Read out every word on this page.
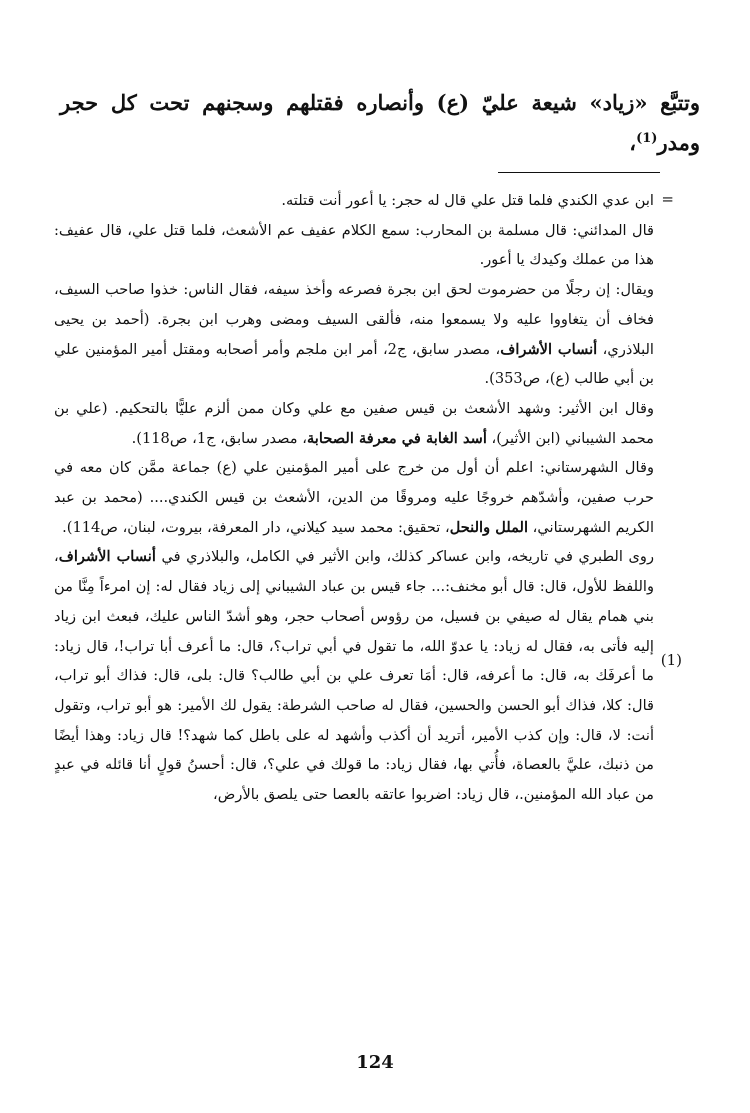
وتتبَّع «زياد» شيعة عليّ (ع) وأنصاره فقتلهم وسجنهم تحت كل حجر ومدر$^{(1)}$،

=
(1)

ابن عدي الكندي فلما قتل علي قال له حجر: يا أعور أنت قتلته.

قال المدائني: قال مسلمة بن المحارب: سمع الكلام عفيف عم الأشعث، فلما قتل علي، قال عفيف: هذا من عملك وكيدك يا أعور.

ويقال: إن رجلًا من حضرموت لحق ابن بجرة فصرعه وأخذ سيفه، فقال الناس: خذوا صاحب السيف، فخاف أن يتغاووا عليه ولا يسمعوا منه، فألقى السيف ومضى وهرب ابن بجرة. (أحمد بن يحيى البلاذري، أنساب الأشراف، مصدر سابق، ج2، أمر ابن ملجم وأمر أصحابه ومقتل أمير المؤمنين علي بن أبي طالب (ع)، ص353).

وقال ابن الأثير: وشهد الأشعث بن قيس صفين مع علي وكان ممن ألزم عليًّا بالتحكيم. (علي بن محمد الشيباني (ابن الأثير)، أسد الغابة في معرفة الصحابة، مصدر سابق، ج1، ص118).

وقال الشهرستاني: اعلم أن أول من خرج على أمير المؤمنين علي (ع) جماعة ممَّن كان معه في حرب صفين، وأشدّهم خروجًا عليه ومروقًا من الدين، الأشعث بن قيس الكندي.... (محمد بن عبد الكريم الشهرستاني، الملل والنحل، تحقيق: محمد سيد كيلاني، دار المعرفة، بيروت، لبنان، ص114).

روى الطبري في تاريخه، وابن عساكر كذلك، وابن الأثير في الكامل، والبلاذري في أنساب الأشراف، واللفظ للأول، قال: قال أبو مخنف:... جاء قيس بن عباد الشيباني إلى زياد فقال له: إن امرءاً مِنَّا من بني همام يقال له صيفي بن فسيل، من رؤوس أصحاب حجر، وهو أشدّ الناس عليك، فبعث ابن زياد إليه فأتى به، فقال له زياد: يا عدوّ الله، ما تقول في أبي تراب؟، قال: ما أعرف أبا تراب!، قال زياد: ما أعرفَك به، قال: ما أعرفه، قال: أمَا تعرف علي بن أبي طالب؟ قال: بلى، قال: فذاك أبو تراب، قال: كلا، فذاك أبو الحسن والحسين، فقال له صاحب الشرطة: يقول لك الأمير: هو أبو تراب، وتقول أنت: لا، قال: وإن كذب الأمير، أتريد أن أكذب وأشهد له على باطل كما شهد؟! قال زياد: وهذا أيضًا من ذنبك، عليَّ بالعصاة، فأُتي بها، فقال زياد: ما قولك في علي؟، قال: أحسنُ قولٍ أنا قائله في عبدٍ من عباد الله المؤمنين.، قال زياد: اضربوا عاتقه بالعصا حتى يلصق بالأرض،

124
